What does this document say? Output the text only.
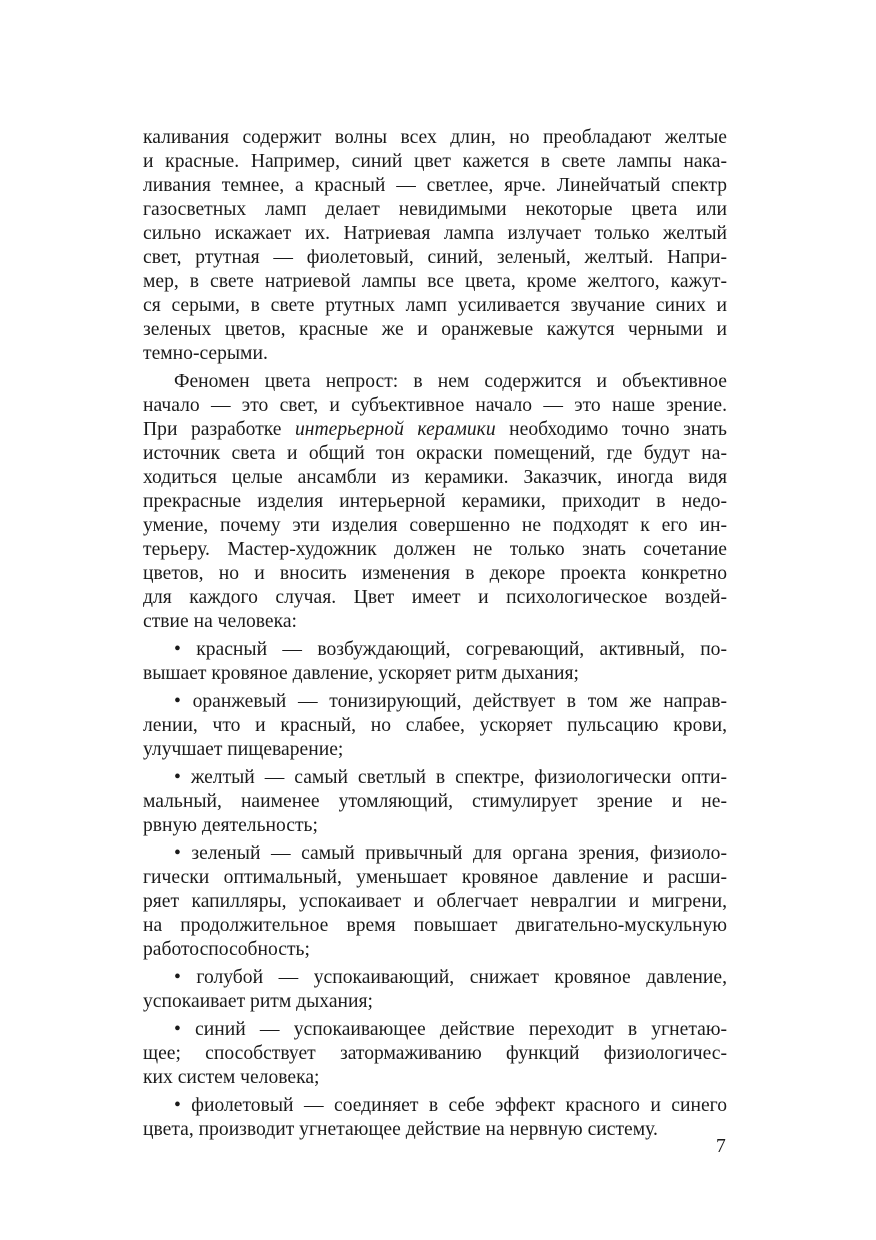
каливания содержит волны всех длин, но преобладают желтые
и красные. Например, синий цвет кажется в свете лампы нака-
ливания темнее, а красный — светлее, ярче. Линейчатый спектр
газосветных ламп делает невидимыми некоторые цвета или
сильно искажает их. Натриевая лампа излучает только желтый
свет, ртутная — фиолетовый, синий, зеленый, желтый. Напри-
мер, в свете натриевой лампы все цвета, кроме желтого, кажут-
ся серыми, в свете ртутных ламп усиливается звучание синих и
зеленых цветов, красные же и оранжевые кажутся черными и
темно-серыми.
Феномен цвета непрост: в нем содержится и объективное
начало — это свет, и субъективное начало — это наше зрение.
При разработке интерьерной керамики необходимо точно знать
источник света и общий тон окраски помещений, где будут на-
ходиться целые ансамбли из керамики. Заказчик, иногда видя
прекрасные изделия интерьерной керамики, приходит в недо-
умение, почему эти изделия совершенно не подходят к его ин-
терьеру. Мастер-художник должен не только знать сочетание
цветов, но и вносить изменения в декоре проекта конкретно
для каждого случая. Цвет имеет и психологическое воздей-
ствие на человека:
• красный — возбуждающий, согревающий, активный, по-
вышает кровяное давление, ускоряет ритм дыхания;
• оранжевый — тонизирующий, действует в том же направ-
лении, что и красный, но слабее, ускоряет пульсацию крови,
улучшает пищеварение;
• желтый — самый светлый в спектре, физиологически опти-
мальный, наименее утомляющий, стимулирует зрение и не-
рвную деятельность;
• зеленый — самый привычный для органа зрения, физиоло-
гически оптимальный, уменьшает кровяное давление и расши-
ряет капилляры, успокаивает и облегчает невралгии и мигрени,
на продолжительное время повышает двигательно-мускульную
работоспособность;
• голубой — успокаивающий, снижает кровяное давление,
успокаивает ритм дыхания;
• синий — успокаивающее действие переходит в угнетаю-
щее; способствует затормаживанию функций физиологичес-
ких систем человека;
• фиолетовый — соединяет в себе эффект красного и синего
цвета, производит угнетающее действие на нервную систему.
7
